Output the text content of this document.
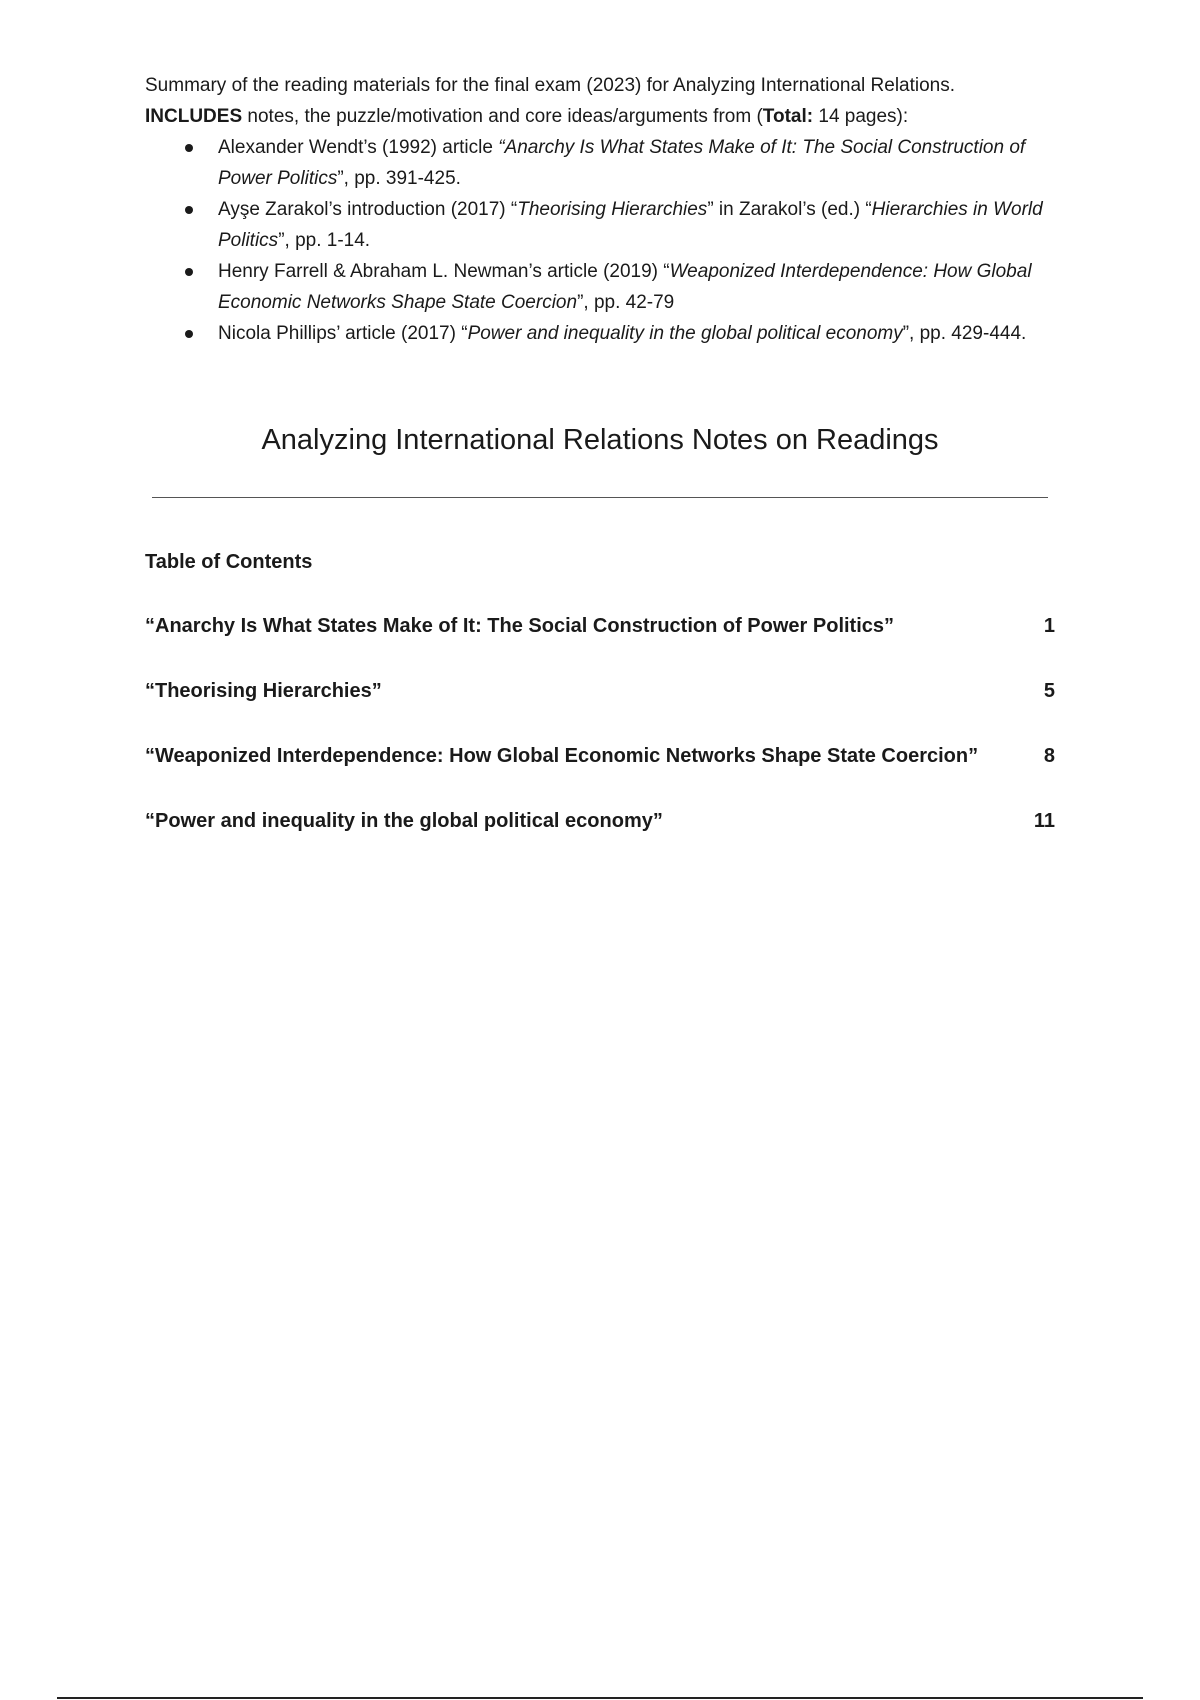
Summary of the reading materials for the final exam (2023) for Analyzing International Relations.

INCLUDES notes, the puzzle/motivation and core ideas/arguments from (Total: 14 pages):

Alexander Wendt’s (1992) article “Anarchy Is What States Make of It: The Social Construction of Power Politics”, pp. 391-425.
Ayşe Zarakol’s introduction (2017) “Theorising Hierarchies” in Zarakol’s (ed.) “Hierarchies in World Politics”, pp. 1-14.
Henry Farrell & Abraham L. Newman’s article (2019) “Weaponized Interdependence: How Global Economic Networks Shape State Coercion”, pp. 42-79
Nicola Phillips’ article (2017) “Power and inequality in the global political economy”, pp. 429-444.
Analyzing International Relations Notes on Readings
Table of Contents
“Anarchy Is What States Make of It: The Social Construction of Power Politics”	1
“Theorising Hierarchies”	5
“Weaponized Interdependence: How Global Economic Networks Shape State Coercion”	8
“Power and inequality in the global political economy”	11
